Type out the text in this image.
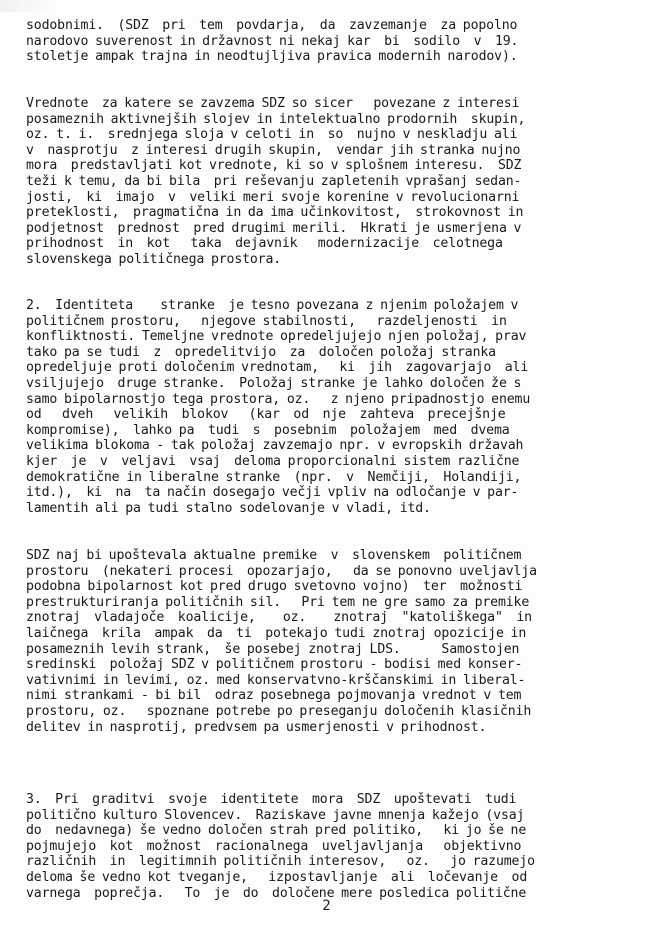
sodobnimi.  (SDZ  pri  tem  povdarja,  da  zavzemanje  za popolno
narodovo suverenost in državnost ni nekaj kar  bi  sodilo  v  19.
stoletje ampak trajna in neodtujljiva pravica modernih narodov).
Vrednote  za katere se zavzema SDZ so sicer   povezane z interesi
posameznih aktivnejših slojev in intelektualno prodornih  skupin,
oz. t. i.  srednjega sloja v celoti in  so  nujno v neskladju ali
v  nasprotju  z interesi drugih skupin,  vendar jih stranka nujno
mora  predstavljati kot vrednote, ki so v splošnem interesu.  SDZ
teži k temu, da bi bila  pri reševanju zapletenih vprašanj sedan-
josti,  ki  imajo  v  veliki meri svoje korenine v revolucionarni
preteklosti,  pragmatična in da ima učinkovitost,  strokovnost in
podjetnost  prednost  pred drugimi merili.  Hkrati je usmerjena v
prihodnost  in  kot   taka  dejavnik   modernizacije  celotnega
slovenskega političnega prostora.
2.  Identiteta    stranke  je tesno povezana z njenim položajem v
političnem prostoru,   njegove stabilnosti,   razdeljenosti  in
konfliktnosti. Temeljne vrednote opredeljujejo njen položaj, prav
tako pa se tudi  z  opredelitvijo  za  določen položaj stranka
opredeljuje proti določenim vrednotam,   ki  jih  zagovarjajo  ali
vsiljujejo  druge stranke.  Položaj stranke je lahko določen že s
samo bipolarnostjo tega prostora, oz.   z njeno pripadnostjo enemu
od   dveh   velikih  blokov   (kar  od  nje  zahteva  precejšnje
kompromise),  lahko pa  tudi  s  posebnim  položajem  med  dvema
velikima blokoma - tak položaj zavzemajo npr. v evropskih državah
kjer  je  v  veljavi  vsaj  deloma proporcionalni sistem različne
demokratične in liberalne stranke  (npr.  v  Nemčiji,  Holandiji,
itd.),  ki  na  ta način dosegajo večji vpliv na odločanje v par-
lamentih ali pa tudi stalno sodelovanje v vladi, itd.
SDZ naj bi upoštevala aktualne premike  v  slovenskem  političnem
prostoru  (nekateri procesi  opozarjajo,   da se ponovno uveljavlja
podobna bipolarnost kot pred drugo svetovno vojno)  ter  možnosti
prestrukturiranja političnih sil.   Pri tem ne gre samo za premike
znotraj  vladajoče  koalicije,    oz.    znotraj  "katoliškega"  in
laičnega  krila  ampak  da  ti  potekajo tudi znotraj opozicije in
posameznih levih strank,  še posebej znotraj LDS.      Samostojen
sredinski  položaj SDZ v političnem prostoru - bodisi med konser-
vativnimi in levimi, oz. med konservatvno-krščanskimi in liberal-
nimi strankami - bi bil  odraz posebnega pojmovanja vrednot v tem
prostoru, oz.   spoznane potrebe po preseganju določenih klasičnih
delitev in nasprotij, predvsem pa usmerjenosti v prihodnost.
3.  Pri  graditvi  svoje  identitete  mora  SDZ  upoštevati  tudi
politično kulturo Slovencev.  Raziskave javne mnenja kažejo (vsaj
do  nedavnega) še vedno določen strah pred politiko,   ki jo še ne
pojmujejo  kot  možnost  racionalnega  uveljavljanja   objektivno
različnih  in  legitimnih političnih interesov,   oz.   jo razumejo
deloma še vedno kot tveganje,   izpostavljanje  ali  ločevanje  od
varnega  poprečja.   To  je  do  določene mere posledica politične
2
